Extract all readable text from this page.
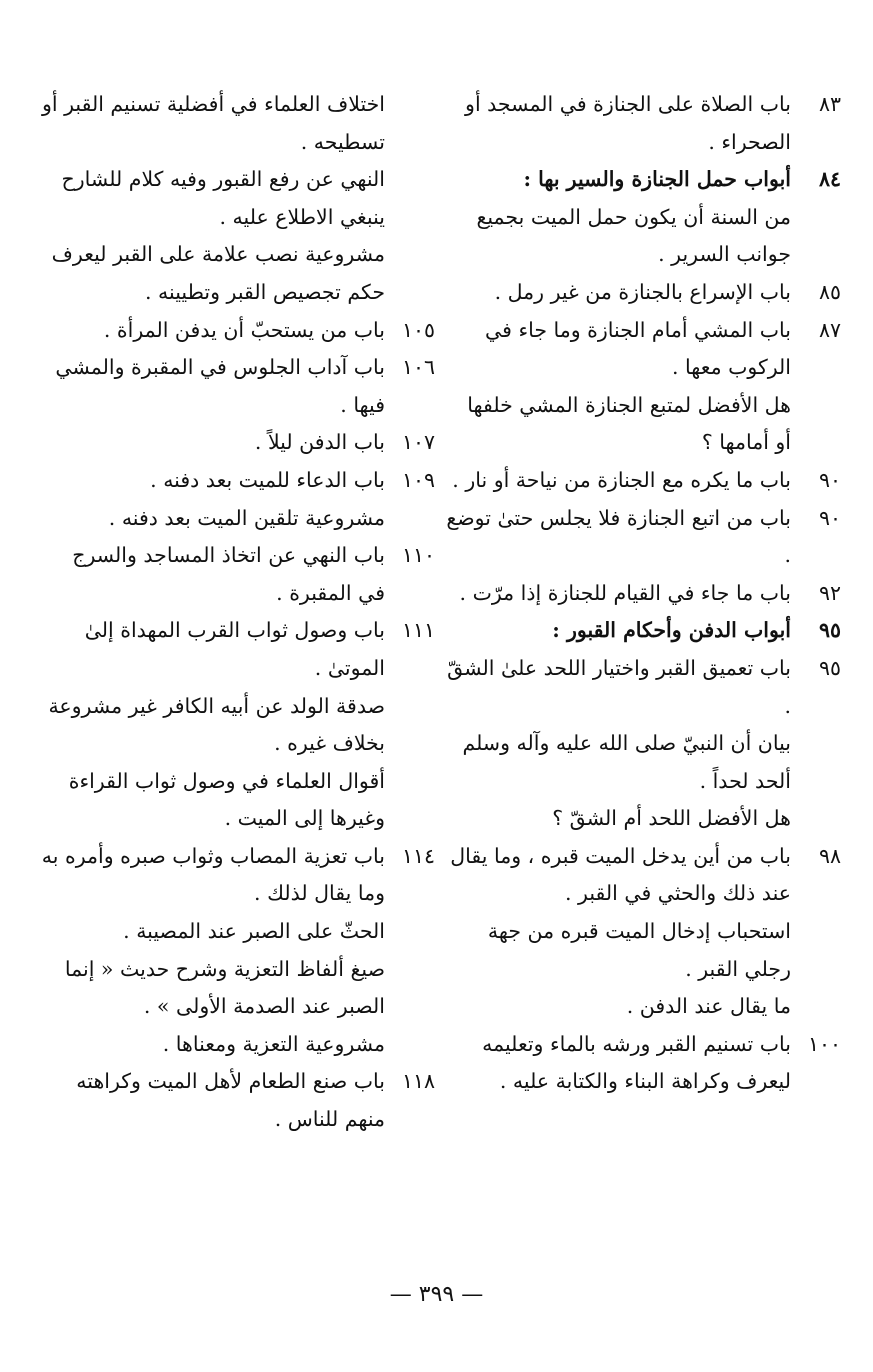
٨٣
باب الصلاة على الجنازة في المسجد أو الصحراء .
٨٤
أبواب حمل الجنازة والسير بها :
من السنة أن يكون حمل الميت بجميع جوانب السرير .
٨٥
باب الإسراع بالجنازة من غير رمل .
٨٧
باب المشي أمام الجنازة وما جاء في الركوب معها .
هل الأفضل لمتبع الجنازة المشي خلفها أو أمامها ؟
٩٠
باب ما يكره مع الجنازة من نياحة أو نار .
٩٠
باب من اتبع الجنازة فلا يجلس حتىٰ توضع .
٩٢
باب ما جاء في القيام للجنازة إذا مرّت .
٩٥
أبواب الدفن وأحكام القبور :
٩٥
باب تعميق القبر واختيار اللحد علىٰ الشقّ .
بيان أن النبيّ صلى الله عليه وآله وسلم ألحد لحداً .
هل الأفضل اللحد أم الشقّ ؟
٩٨
باب من أين يدخل الميت قبره ، وما يقال عند ذلك والحثي في القبر .
استحباب إدخال الميت قبره من جهة رجلي القبر .
ما يقال عند الدفن .
١٠٠
باب تسنيم القبر ورشه بالماء وتعليمه ليعرف وكراهة البناء والكتابة عليه .
اختلاف العلماء في أفضلية تسنيم القبر أو تسطيحه .
النهي عن رفع القبور وفيه كلام للشارح ينبغي الاطلاع عليه .
مشروعية نصب علامة على القبر ليعرف حكم تجصيص القبر وتطيينه .
١٠٥
باب من يستحبّ أن يدفن المرأة .
١٠٦
باب آداب الجلوس في المقبرة والمشي فيها .
١٠٧
باب الدفن ليلاً .
١٠٩
باب الدعاء للميت بعد دفنه .
مشروعية تلقين الميت بعد دفنه .
١١٠
باب النهي عن اتخاذ المساجد والسرج في المقبرة .
١١١
باب وصول ثواب القرب المهداة إلىٰ الموتىٰ .
صدقة الولد عن أبيه الكافر غير مشروعة بخلاف غيره .
أقوال العلماء في وصول ثواب القراءة وغيرها إلى الميت .
١١٤
باب تعزية المصاب وثواب صبره وأمره به وما يقال لذلك .
الحثّ على الصبر عند المصيبة .
صيغ ألفاظ التعزية وشرح حديث « إنما الصبر عند الصدمة الأولى » .
مشروعية التعزية ومعناها .
١١٨
باب صنع الطعام لأهل الميت وكراهته منهم للناس .
— ٣٩٩ —
